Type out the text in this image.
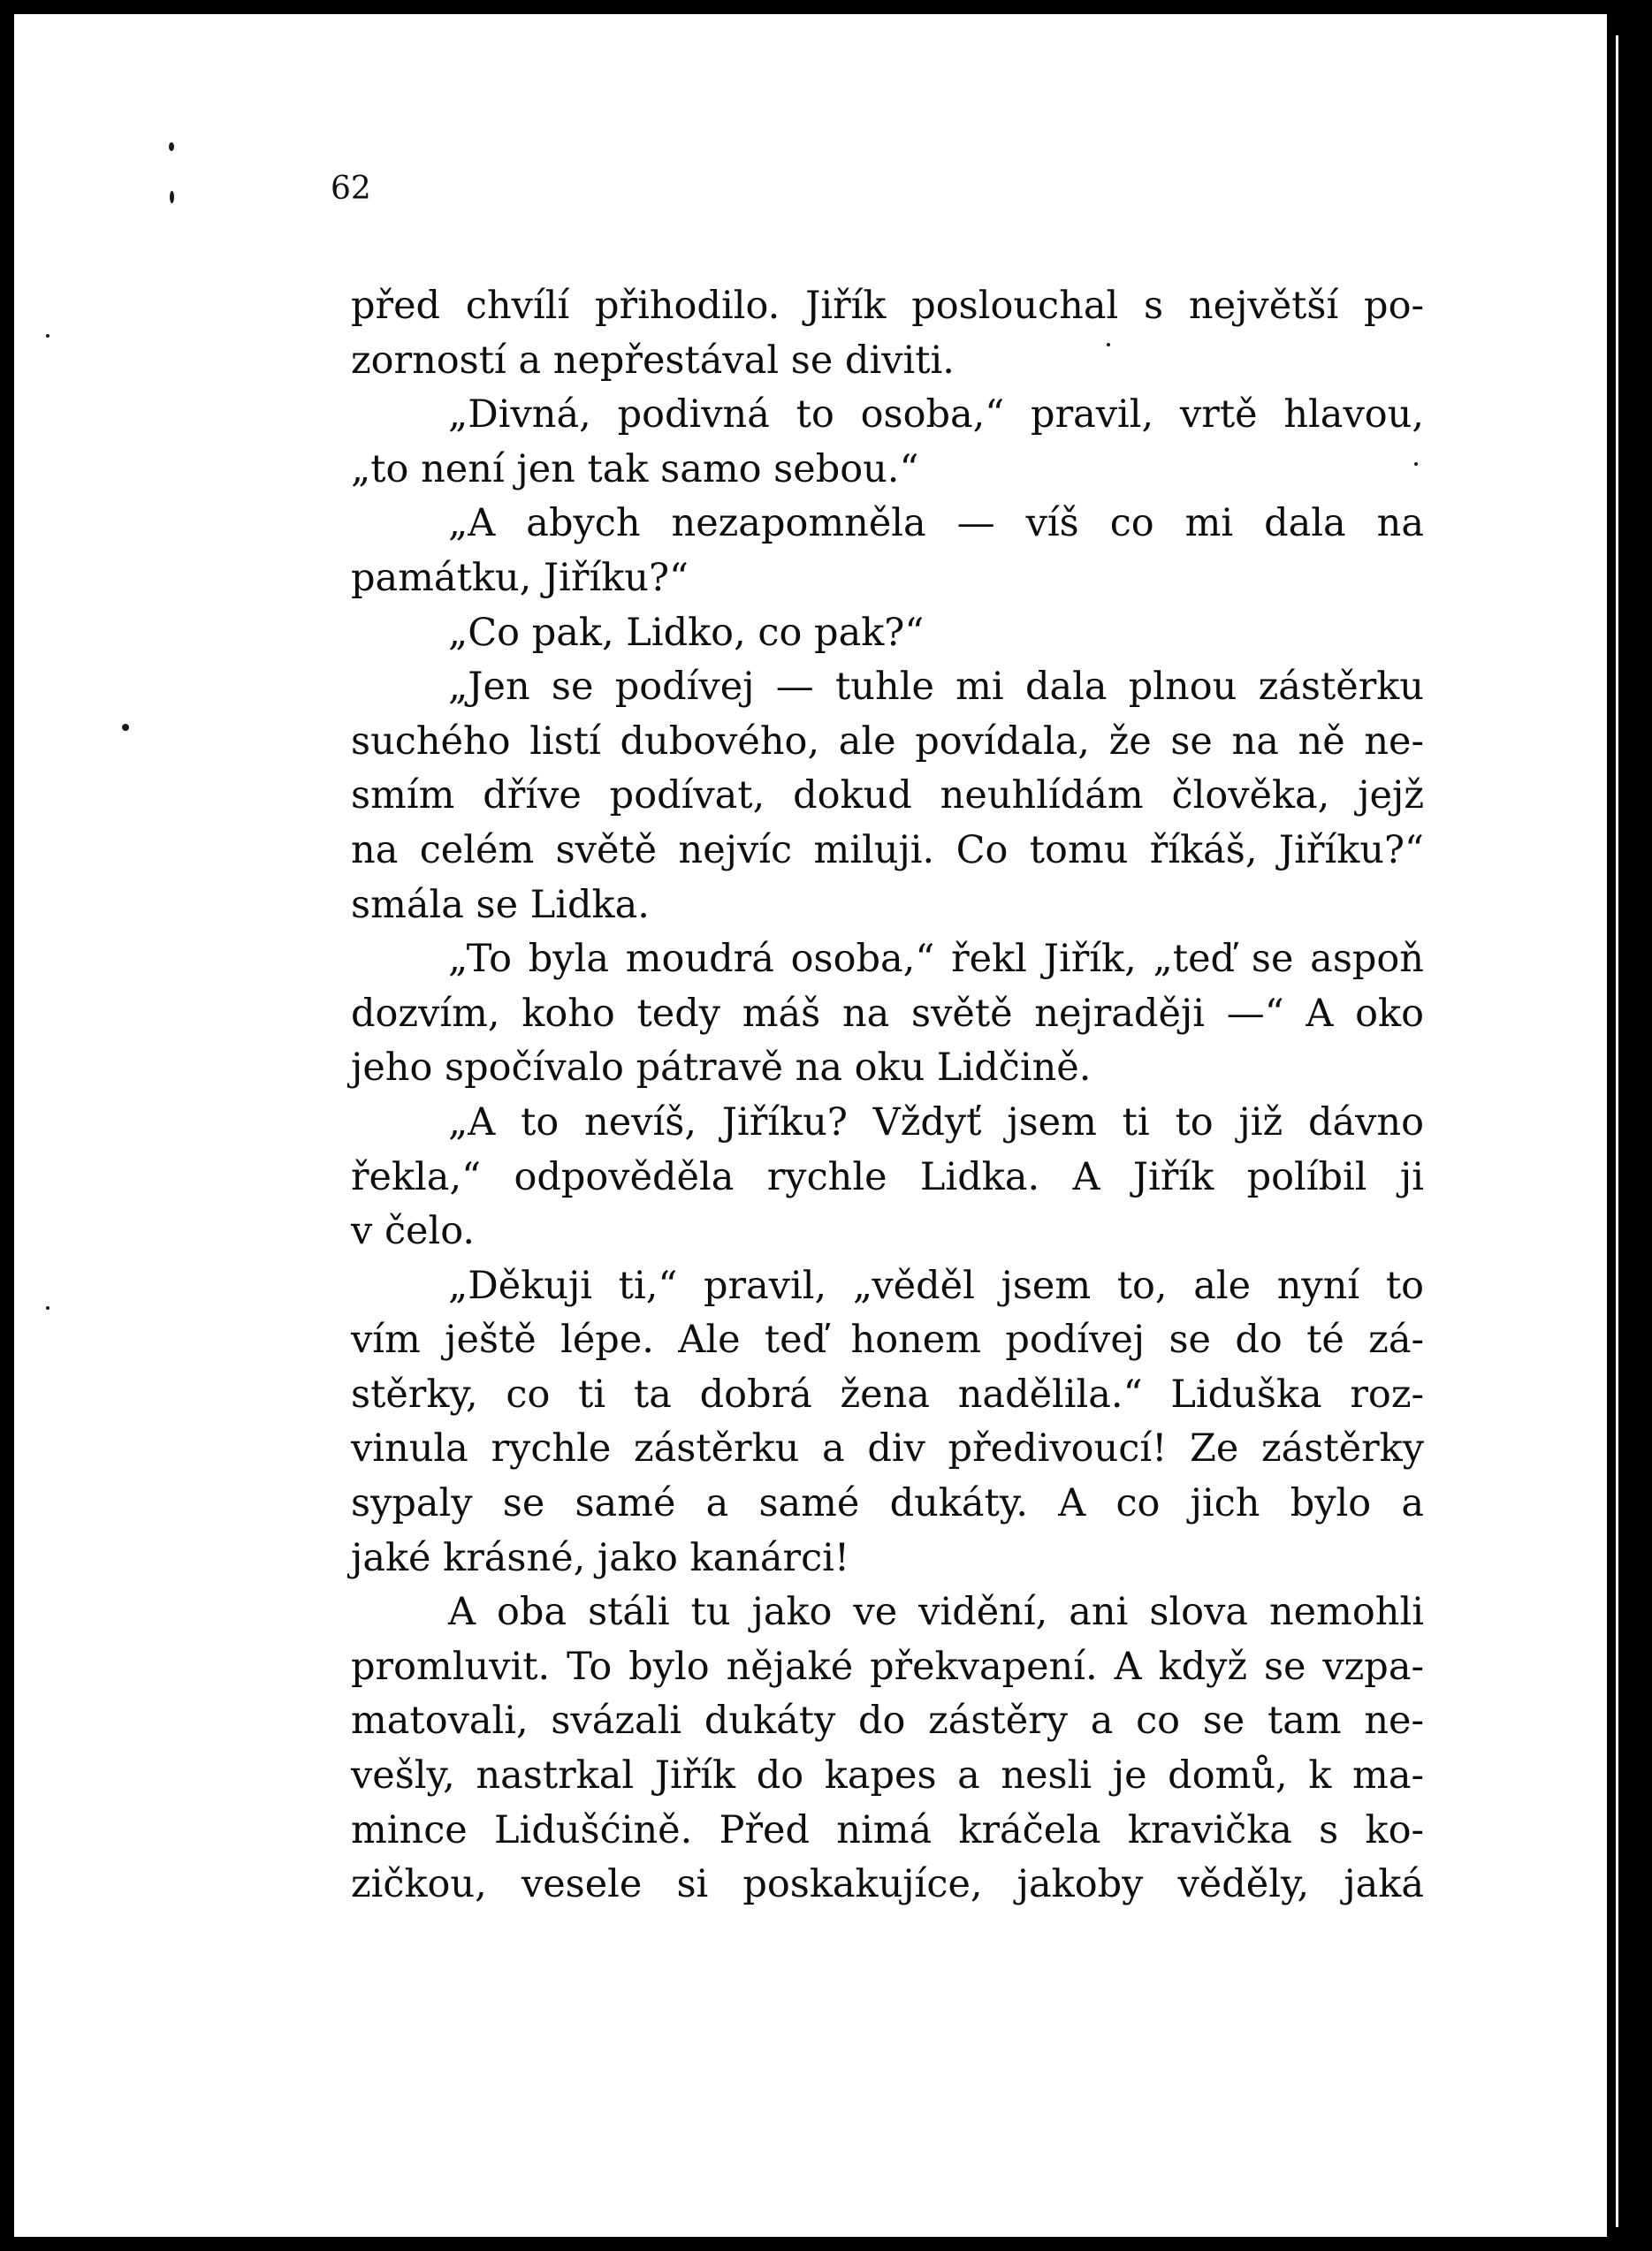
62

před chvílí přihodilo. Jiřík poslouchal s největší po-
zorností a nepřestával se diviti.
„Divná, podivná to osoba,“ pravil, vrtě hlavou,
„to není jen tak samo sebou.“
„A abych nezapomněla — víš co mi dala na
památku, Jiříku?“
„Co pak, Lidko, co pak?“
„Jen se podívej — tuhle mi dala plnou zástěrku
suchého listí dubového, ale povídala, že se na ně ne-
smím dříve podívat, dokud neuhlídám člověka, jejž
na celém světě nejvíc miluji. Co tomu říkáš, Jiříku?“
smála se Lidka.
„To byla moudrá osoba,“ řekl Jiřík, „teď se aspoň
dozvím, koho tedy máš na světě nejraději —“ A oko
jeho spočívalo pátravě na oku Lidčině.
„A to nevíš, Jiříku? Vždyť jsem ti to již dávno
řekla,“ odpověděla rychle Lidka. A Jiřík políbil ji
v čelo.
„Děkuji ti,“ pravil, „věděl jsem to, ale nyní to
vím ještě lépe. Ale teď honem podívej se do té zá-
stěrky, co ti ta dobrá žena nadělila.“ Liduška roz-
vinula rychle zástěrku a div předivoucí! Ze zástěrky
sypaly se samé a samé dukáty. A co jich bylo a
jaké krásné, jako kanárci!
A oba stáli tu jako ve vidění, ani slova nemohli
promluvit. To bylo nějaké překvapení. A když se vzpa-
matovali, svázali dukáty do zástěry a co se tam ne-
vešly, nastrkal Jiřík do kapes a nesli je domů, k ma-
mince Lidušćině. Před nimá kráčela kravička s ko-
zičkou, vesele si poskakujíce, jakoby věděly, jaká
